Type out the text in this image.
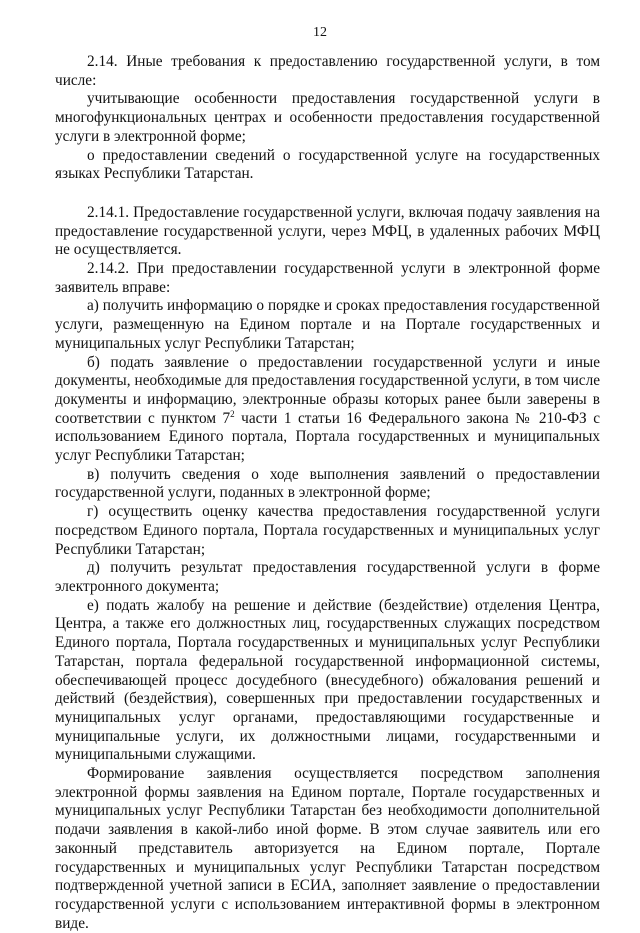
12

2.14. Иные требования к предоставлению государственной услуги, в том числе:

учитывающие особенности предоставления государственной услуги в многофункциональных центрах и особенности предоставления государственной услуги в электронной форме;

о предоставлении сведений о государственной услуге на государственных языках Республики Татарстан.

2.14.1. Предоставление государственной услуги, включая подачу заявления на предоставление государственной услуги, через МФЦ, в удаленных рабочих МФЦ не осуществляется.

2.14.2. При предоставлении государственной услуги в электронной форме заявитель вправе:

а) получить информацию о порядке и сроках предоставления государственной услуги, размещенную на Едином портале и на Портале государственных и муниципальных услуг Республики Татарстан;

б) подать заявление о предоставлении государственной услуги и иные документы, необходимые для предоставления государственной услуги, в том числе документы и информацию, электронные образы которых ранее были заверены в соответствии с пунктом $7^2$ части 1 статьи 16 Федерального закона № 210-ФЗ с использованием Единого портала, Портала государственных и муниципальных услуг Республики Татарстан;

в) получить сведения о ходе выполнения заявлений о предоставлении государственной услуги, поданных в электронной форме;

г) осуществить оценку качества предоставления государственной услуги посредством Единого портала, Портала государственных и муниципальных услуг Республики Татарстан;

д) получить результат предоставления государственной услуги в форме электронного документа;

е) подать жалобу на решение и действие (бездействие) отделения Центра, Центра, а также его должностных лиц, государственных служащих посредством Единого портала, Портала государственных и муниципальных услуг Республики Татарстан, портала федеральной государственной информационной системы, обеспечивающей процесс досудебного (внесудебного) обжалования решений и действий (бездействия), совершенных при предоставлении государственных и муниципальных услуг органами, предоставляющими государственные и муниципальные услуги, их должностными лицами, государственными и муниципальными служащими.

Формирование заявления осуществляется посредством заполнения электронной формы заявления на Едином портале, Портале государственных и муниципальных услуг Республики Татарстан без необходимости дополнительной подачи заявления в какой-либо иной форме. В этом случае заявитель или его законный представитель авторизуется на Едином портале, Портале государственных и муниципальных услуг Республики Татарстан посредством подтвержденной учетной записи в ЕСИА, заполняет заявление о предоставлении государственной услуги с использованием интерактивной формы в электронном виде.
